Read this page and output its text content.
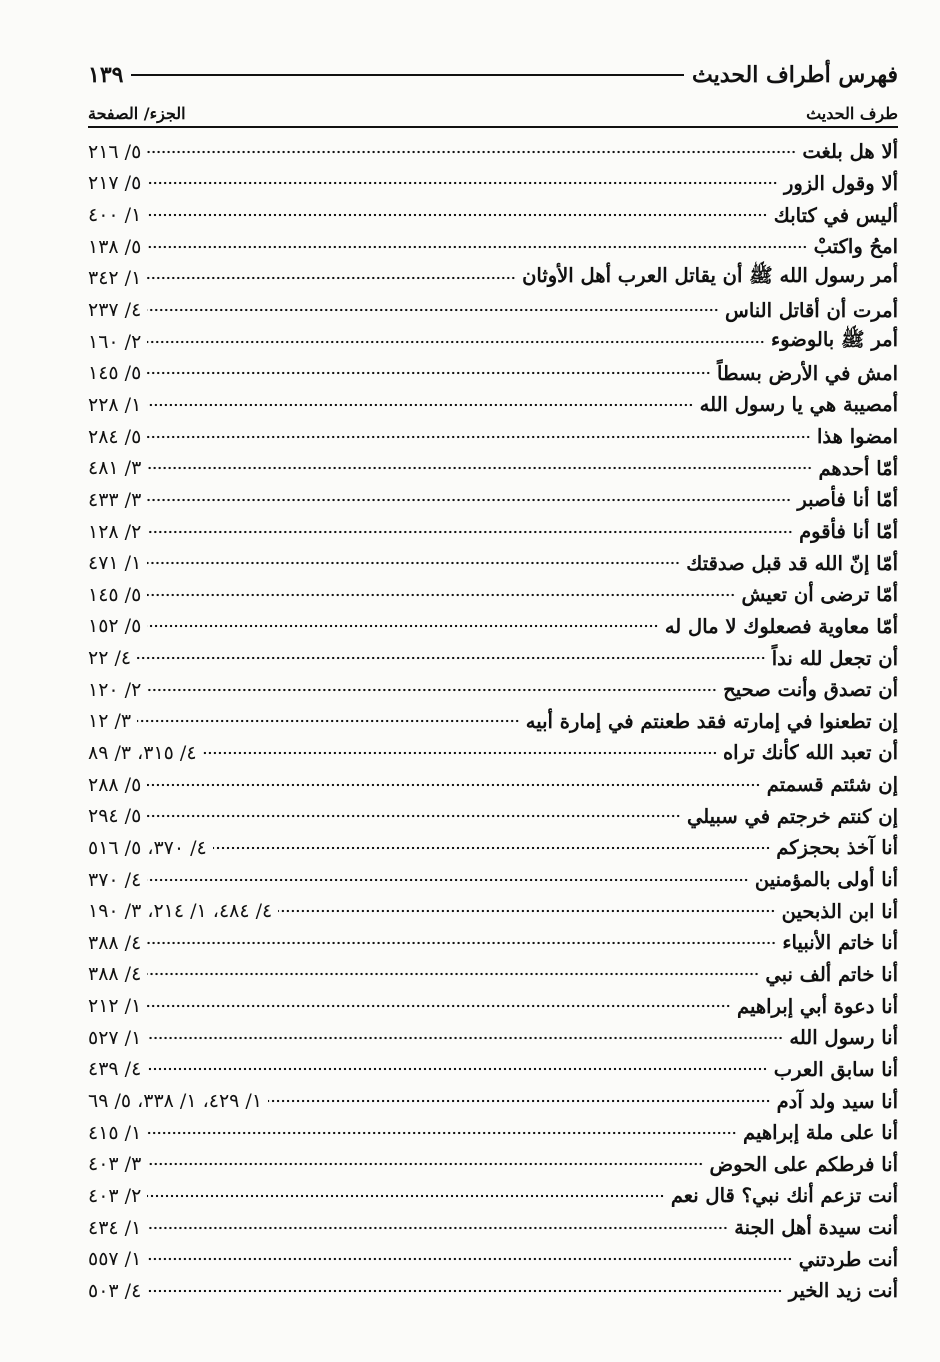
فهرس أطراف الحديث
١٣٩
طرف الحديث
الجزء/ الصفحة
ألا هل بلغت
٥/ ٢١٦
ألا وقول الزور
٥/ ٢١٧
أليس في كتابك
١/ ٤٠٠
امحُ واكتبْ
٥/ ١٣٨
أمر رسول الله ﷺ أن يقاتل العرب أهل الأوثان
١/ ٣٤٢
أمرت أن أقاتل الناس
٤/ ٢٣٧
أمر ﷺ بالوضوء
٢/ ١٦٠
امش في الأرض بسطاً
٥/ ١٤٥
أمصيبة هي يا رسول الله
١/ ٢٢٨
امضوا هذا
٥/ ٢٨٤
أمّا أحدهم
٣/ ٤٨١
أمّا أنا فأصبر
٣/ ٤٣٣
أمّا أنا فأقوم
٢/ ١٢٨
أمّا إنّ الله قد قبل صدقتك
١/ ٤٧١
أمّا ترضى أن تعيش
٥/ ١٤٥
أمّا معاوية فصعلوك لا مال له
٥/ ١٥٢
أن تجعل لله نداً
٤/ ٢٢
أن تصدق وأنت صحيح
٢/ ١٢٠
إن تطعنوا في إمارته فقد طعنتم في إمارة أبيه
٣/ ١٢
أن تعبد الله كأنك تراه
٤/ ٣١٥، ٣/ ٨٩
إن شئتم قسمتم
٥/ ٢٨٨
إن كنتم خرجتم في سبيلي
٥/ ٢٩٤
أنا آخذ بحجزكم
٤/ ٣٧٠، ٥/ ٥١٦
أنا أولى بالمؤمنين
٤/ ٣٧٠
أنا ابن الذبحين
٤/ ٤٨٤، ١/ ٢١٤، ٣/ ١٩٠
أنا خاتم الأنبياء
٤/ ٣٨٨
أنا خاتم ألف نبي
٤/ ٣٨٨
أنا دعوة أبي إبراهيم
١/ ٢١٢
أنا رسول الله
١/ ٥٢٧
أنا سابق العرب
٤/ ٤٣٩
أنا سيد ولد آدم
١/ ٤٢٩، ١/ ٣٣٨، ٥/ ٦٩
أنا على ملة إبراهيم
١/ ٤١٥
أنا فرطكم على الحوض
٣/ ٤٠٣
أنت تزعم أنك نبي؟ قال نعم
٢/ ٤٠٣
أنت سيدة أهل الجنة
١/ ٤٣٤
أنت طردتني
١/ ٥٥٧
أنت زيد الخير
٤/ ٥٠٣
